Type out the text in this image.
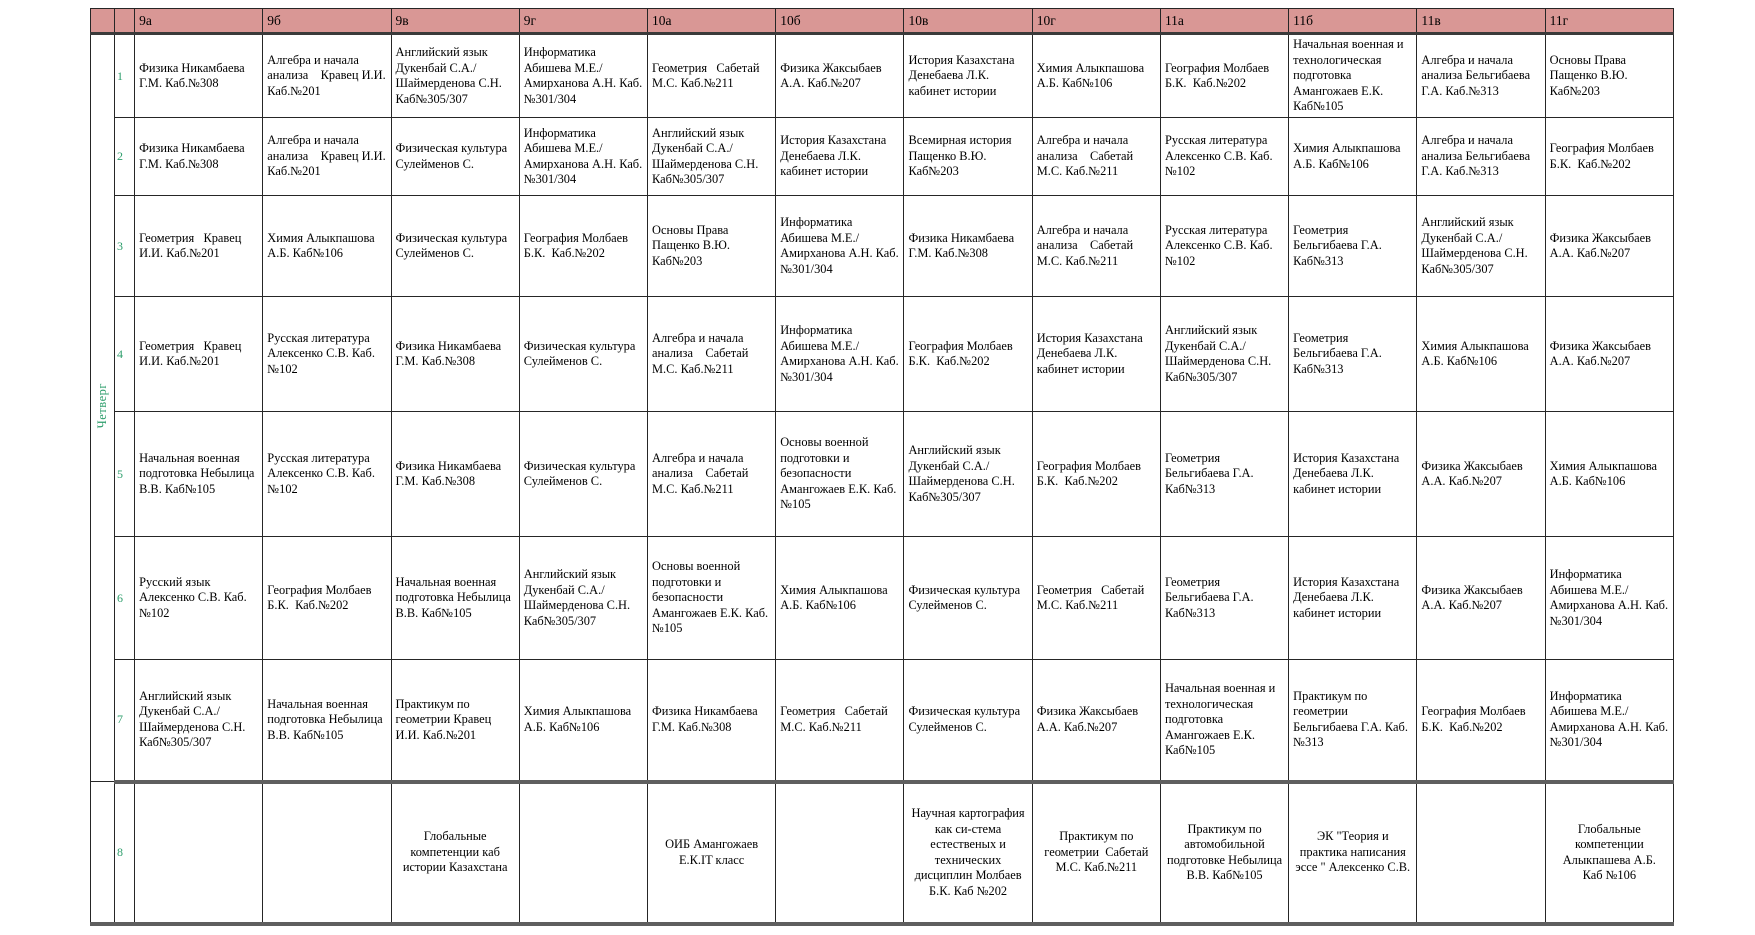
		9а	9б	9в	9г	10а	10б	10в	10г	11а	11б	11в	11г
Четверг	1	Физика Никамбаева Г.М. Каб.№308	Алгебра и начала анализа    Кравец И.И. Каб.№201	Английский язык Дукенбай С.А./ Шаймерденова С.Н. Каб№305/307	Информатика Абишева М.Е./ Амирханова А.Н. Каб.№301/304	Геометрия   Сабетай М.С. Каб.№211	Физика Жаксыбаев А.А. Каб.№207	История Казахстана Денебаева Л.К. кабинет истории	Химия Алыкпашова А.Б. Каб№106	География Молбаев Б.К.  Каб.№202	Начальная военная и технологическая подготовка Амангожаев Е.К. Каб№105	Алгебра и начала анализа Бельгибаева Г.А. Каб.№313	Основы Права Пащенко В.Ю. Каб№203
	2	Физика Никамбаева Г.М. Каб.№308	Алгебра и начала анализа    Кравец И.И. Каб.№201	Физическая культура Сулейменов С.	Информатика Абишева М.Е./ Амирханова А.Н. Каб.№301/304	Английский язык Дукенбай С.А./ Шаймерденова С.Н. Каб№305/307	История Казахстана Денебаева Л.К. кабинет истории	Всемирная история Пащенко В.Ю. Каб№203	Алгебра и начала анализа    Сабетай М.С. Каб.№211	Русская литература Алексенко С.В. Каб.№102	Химия Алыкпашова А.Б. Каб№106	Алгебра и начала анализа Бельгибаева Г.А. Каб.№313	География Молбаев Б.К.  Каб.№202
	3	Геометрия   Кравец И.И. Каб.№201	Химия Алыкпашова А.Б. Каб№106	Физическая культура Сулейменов С.	География Молбаев Б.К.  Каб.№202	Основы Права Пащенко В.Ю. Каб№203	Информатика Абишева М.Е./ Амирханова А.Н. Каб.№301/304	Физика Никамбаева Г.М. Каб.№308	Алгебра и начала анализа    Сабетай М.С. Каб.№211	Русская литература Алексенко С.В. Каб.№102	Геометрия Бельгибаева Г.А. Каб№313	Английский язык Дукенбай С.А./ Шаймерденова С.Н. Каб№305/307	Физика Жаксыбаев А.А. Каб.№207
	4	Геометрия   Кравец И.И. Каб.№201	Русская литература Алексенко С.В. Каб.№102	Физика Никамбаева Г.М. Каб.№308	Физическая культура Сулейменов С.	Алгебра и начала анализа    Сабетай М.С. Каб.№211	Информатика Абишева М.Е./ Амирханова А.Н. Каб.№301/304	География Молбаев Б.К.  Каб.№202	История Казахстана Денебаева Л.К. кабинет истории	Английский язык Дукенбай С.А./ Шаймерденова С.Н. Каб№305/307	Геометрия Бельгибаева Г.А. Каб№313	Химия Алыкпашова А.Б. Каб№106	Физика Жаксыбаев А.А. Каб.№207
	5	Начальная военная подготовка Небылица В.В. Каб№105	Русская литература Алексенко С.В. Каб.№102	Физика Никамбаева Г.М. Каб.№308	Физическая культура Сулейменов С.	Алгебра и начала анализа    Сабетай М.С. Каб.№211	Основы военной подготовки и безопасности Амангожаев Е.К. Каб.№105	Английский язык Дукенбай С.А./ Шаймерденова С.Н. Каб№305/307	География Молбаев Б.К.  Каб.№202	Геометрия Бельгибаева Г.А. Каб№313	История Казахстана Денебаева Л.К. кабинет истории	Физика Жаксыбаев А.А. Каб.№207	Химия Алыкпашова А.Б. Каб№106
	6	Русский язык Алексенко С.В. Каб.№102	География Молбаев Б.К.  Каб.№202	Начальная военная подготовка Небылица В.В. Каб№105	Английский язык Дукенбай С.А./ Шаймерденова С.Н. Каб№305/307	Основы военной подготовки и безопасности Амангожаев Е.К. Каб.№105	Химия Алыкпашова А.Б. Каб№106	Физическая культура Сулейменов С.	Геометрия   Сабетай М.С. Каб.№211	Геометрия Бельгибаева Г.А. Каб№313	История Казахстана Денебаева Л.К. кабинет истории	Физика Жаксыбаев А.А. Каб.№207	Информатика Абишева М.Е./ Амирханова А.Н. Каб.№301/304
	7	Английский язык Дукенбай С.А./ Шаймерденова С.Н. Каб№305/307	Начальная военная подготовка Небылица В.В. Каб№105	Практикум по геометрии Кравец И.И. Каб.№201	Химия Алыкпашова А.Б. Каб№106	Физика Никамбаева Г.М. Каб.№308	Геометрия   Сабетай М.С. Каб.№211	Физическая культура Сулейменов С.	Физика Жаксыбаев А.А. Каб.№207	Начальная военная и технологическая подготовка Амангожаев Е.К. Каб№105	Практикум по геометрии Бельгибаева Г.А. Каб.№313	География Молбаев Б.К.  Каб.№202	Информатика Абишева М.Е./ Амирханова А.Н. Каб.№301/304
	8			Глобальные компетенции каб истории Казахстана		ОИБ Амангожаев Е.К.IT класс		Научная картография как си-стема естественых и технических дисциплин Молбаев Б.К. Каб №202	Практикум по геометрии  Сабетай М.С. Каб.№211	Практикум по автомобильной подготовке Небылица В.В. Каб№105	ЭК "Теория и практика написания эссе " Алексенко С.В.		Глобальные компетенции Алыкпашева А.Б. Каб №106
